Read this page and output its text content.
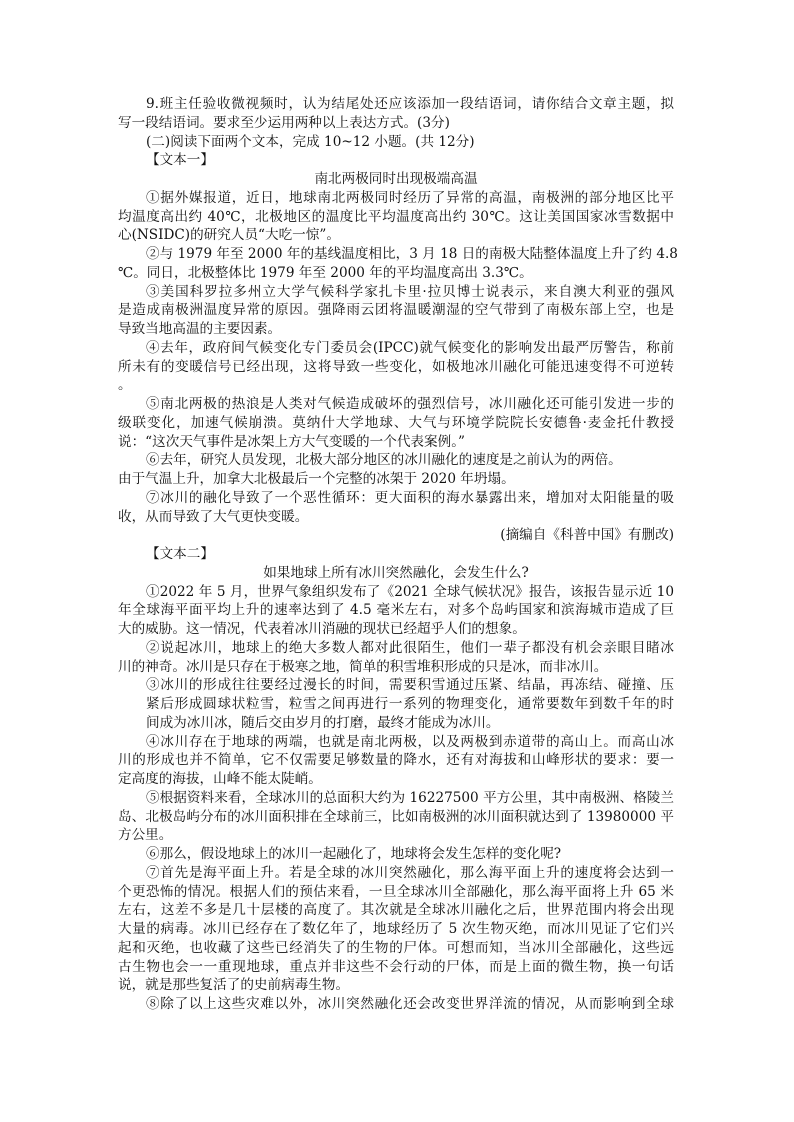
9.班主任验收微视频时，认为结尾处还应该添加一段结语词，请你结合文章主题，拟
写一段结语词。要求至少运用两种以上表达方式。(3分)
(二)阅读下面两个文本，完成 10~12 小题。(共 12分)
【文本一】
南北两极同时出现极端高温
①据外媒报道，近日，地球南北两极同时经历了异常的高温，南极洲的部分地区比平
均温度高出约 40℃，北极地区的温度比平均温度高出约 30℃。这让美国国家冰雪数据中
心(NSIDC)的研究人员“大吃一惊”。
②与 1979 年至 2000 年的基线温度相比，3 月 18 日的南极大陆整体温度上升了约 4.8
℃。同日，北极整体比 1979 年至 2000 年的平均温度高出 3.3℃。
③美国科罗拉多州立大学气候科学家扎卡里·拉贝博士说表示，来自澳大利亚的强风
是造成南极洲温度异常的原因。强降雨云团将温暖潮湿的空气带到了南极东部上空，也是
导致当地高温的主要因素。
④去年，政府间气候变化专门委员会(IPCC)就气候变化的影响发出最严厉警告，称前
所未有的变暖信号已经出现，这将导致一些变化，如极地冰川融化可能迅速变得不可逆转
。
⑤南北两极的热浪是人类对气候造成破坏的强烈信号，冰川融化还可能引发进一步的
级联变化，加速气候崩溃。莫纳什大学地球、大气与环境学院院长安德鲁·麦金托什教授
说：“这次天气事件是冰架上方大气变暖的一个代表案例。”
⑥去年，研究人员发现，北极大部分地区的冰川融化的速度是之前认为的两倍。
由于气温上升，加拿大北极最后一个完整的冰架于 2020 年坍塌。
⑦冰川的融化导致了一个恶性循环：更大面积的海水暴露出来，增加对太阳能量的吸
收，从而导致了大气更快变暖。
(摘编自《科普中国》有删改)
【文本二】
如果地球上所有冰川突然融化，会发生什么?
①2022 年 5 月，世界气象组织发布了《2021 全球气候状况》报告，该报告显示近 10
年全球海平面平均上升的速率达到了 4.5 毫米左右，对多个岛屿国家和滨海城市造成了巨
大的威胁。这一情况，代表着冰川消融的现状已经超乎人们的想象。
②说起冰川，地球上的绝大多数人都对此很陌生，他们一辈子都没有机会亲眼目睹冰
川的神奇。冰川是只存在于极寒之地，简单的积雪堆积形成的只是冰，而非冰川。
③冰川的形成往往要经过漫长的时间，需要积雪通过压紧、结晶，再冻结、碰撞、压
紧后形成圆球状粒雪，粒雪之间再进行一系列的物理变化，通常要数年到数千年的时
间成为冰川冰，随后交由岁月的打磨，最终才能成为冰川。
④冰川存在于地球的两端，也就是南北两极，以及两极到赤道带的高山上。而高山冰
川的形成也并不简单，它不仅需要足够数量的降水，还有对海拔和山峰形状的要求：要一
定高度的海拔，山峰不能太陡峭。
⑤根据资料来看，全球冰川的总面积大约为 16227500 平方公里，其中南极洲、格陵兰
岛、北极岛屿分布的冰川面积排在全球前三，比如南极洲的冰川面积就达到了 13980000 平
方公里。
⑥那么，假设地球上的冰川一起融化了，地球将会发生怎样的变化呢?
⑦首先是海平面上升。若是全球的冰川突然融化，那么海平面上升的速度将会达到一
个更恐怖的情况。根据人们的预估来看，一旦全球冰川全部融化，那么海平面将上升 65 米
左右，这差不多是几十层楼的高度了。其次就是全球冰川融化之后，世界范围内将会出现
大量的病毒。冰川已经存在了数亿年了，地球经历了 5 次生物灭绝，而冰川见证了它们兴
起和灭绝，也收藏了这些已经消失了的生物的尸体。可想而知，当冰川全部融化，这些远
古生物也会一一重现地球，重点并非这些不会行动的尸体，而是上面的微生物，换一句话
说，就是那些复活了的史前病毒生物。
⑧除了以上这些灾难以外，冰川突然融化还会改变世界洋流的情况，从而影响到全球
